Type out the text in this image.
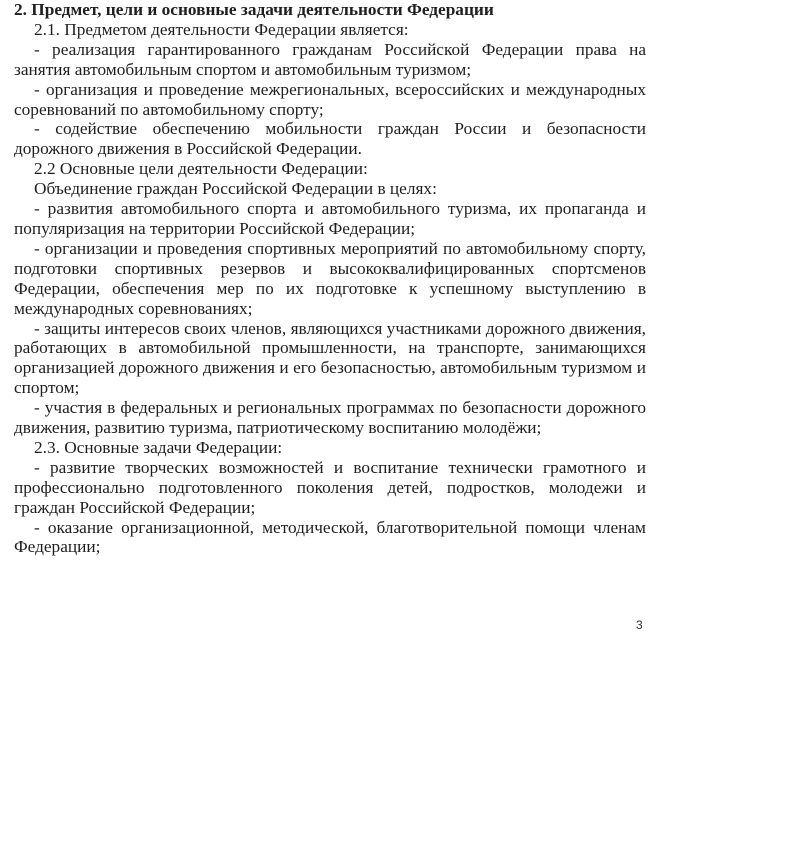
2. Предмет, цели и основные задачи деятельности Федерации

2.1. Предметом деятельности Федерации является:

- реализация гарантированного гражданам Российской Федерации права на занятия автомобильным спортом и автомобильным туризмом;

- организация и проведение межрегиональных, всероссийских и международных соревнований по автомобильному спорту;

- содействие обеспечению мобильности граждан России и безопасности дорожного движения в Российской Федерации.

2.2 Основные цели деятельности Федерации:

Объединение граждан Российской Федерации в целях:

- развития автомобильного спорта и автомобильного туризма, их пропаганда и популяризация на территории Российской Федерации;

- организации и проведения спортивных мероприятий по автомобильному спорту, подготовки спортивных резервов и высококвалифицированных спортсменов Федерации, обеспечения мер по их подготовке к успешному выступлению в международных соревнованиях;

- защиты интересов своих членов, являющихся участниками дорожного движения, работающих в автомобильной промышленности, на транспорте, занимающихся организацией дорожного движения и его безопасностью, автомобильным туризмом и спортом;

- участия в федеральных и региональных программах по безопасности дорожного движения, развитию туризма, патриотическому воспитанию молодёжи;

2.3. Основные задачи Федерации:

- развитие творческих возможностей и воспитание технически грамотного и профессионально подготовленного поколения детей, подростков, молодежи и граждан Российской Федерации;

- оказание организационной, методической, благотворительной помощи членам Федерации;

3
